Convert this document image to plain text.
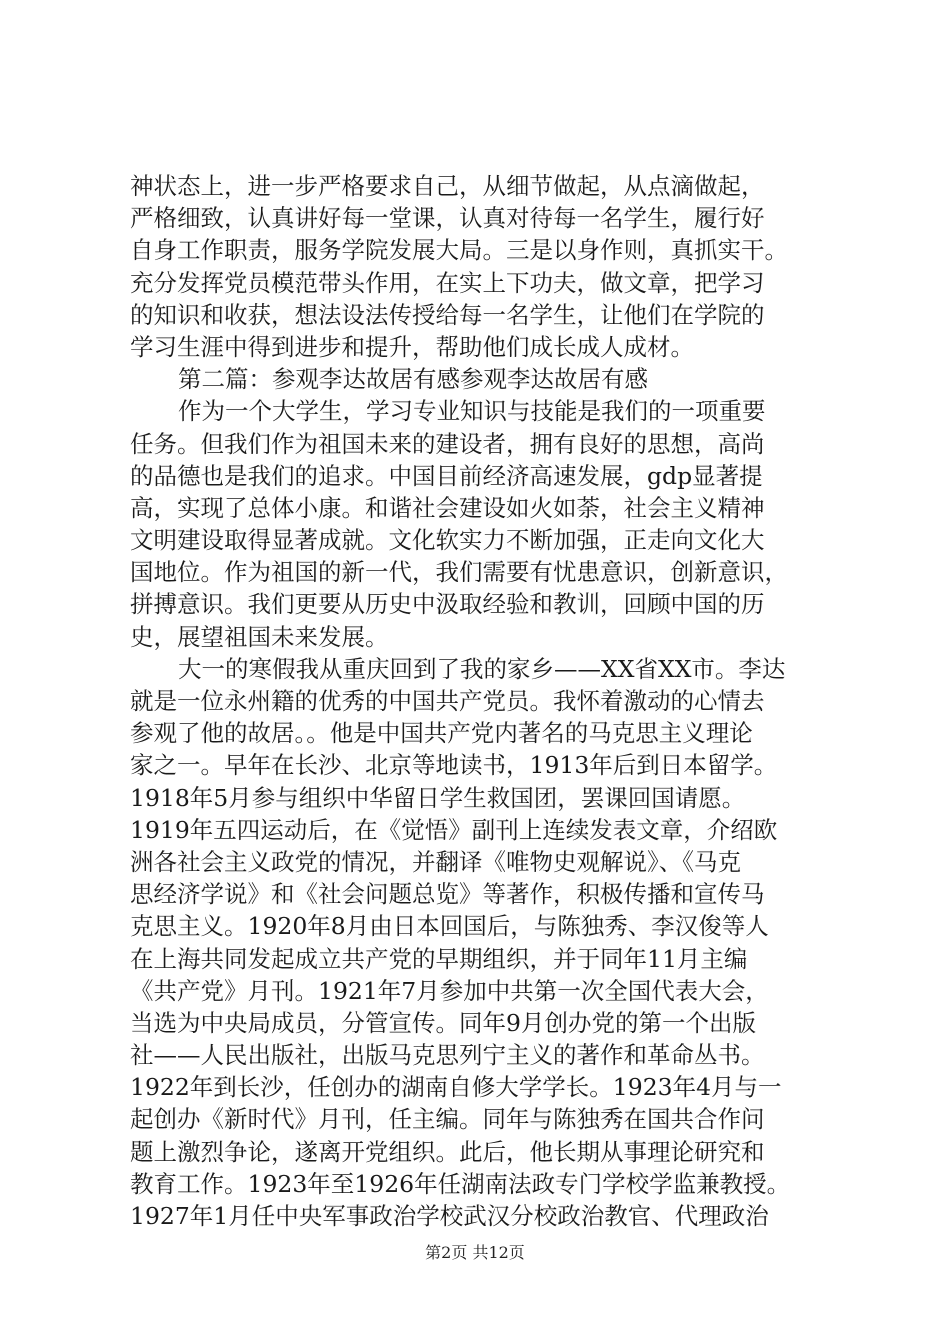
神状态上，进一步严格要求自己，从细节做起，从点滴做起，
严格细致，认真讲好每一堂课，认真对待每一名学生，履行好
自身工作职责，服务学院发展大局。三是以身作则，真抓实干。
充分发挥党员模范带头作用，在实上下功夫，做文章，把学习
的知识和收获，想法设法传授给每一名学生，让他们在学院的
学习生涯中得到进步和提升，帮助他们成长成人成材。
第二篇：参观李达故居有感参观李达故居有感
作为一个大学生，学习专业知识与技能是我们的一项重要
任务。但我们作为祖国未来的建设者，拥有良好的思想，高尚
的品德也是我们的追求。中国目前经济高速发展，gdp显著提
高，实现了总体小康。和谐社会建设如火如荼，社会主义精神
文明建设取得显著成就。文化软实力不断加强，正走向文化大
国地位。作为祖国的新一代，我们需要有忧患意识，创新意识，
拼搏意识。我们更要从历史中汲取经验和教训，回顾中国的历
史，展望祖国未来发展。
大一的寒假我从重庆回到了我的家乡——XX省XX市。李达
就是一位永州籍的优秀的中国共产党员。我怀着激动的心情去
参观了他的故居。。他是中国共产党内著名的马克思主义理论
家之一。早年在长沙、北京等地读书，1913年后到日本留学。
1918年5月参与组织中华留日学生救国团，罢课回国请愿。
1919年五四运动后，在《觉悟》副刊上连续发表文章，介绍欧
洲各社会主义政党的情况，并翻译《唯物史观解说》、《马克
思经济学说》和《社会问题总览》等著作，积极传播和宣传马
克思主义。1920年8月由日本回国后，与陈独秀、李汉俊等人
在上海共同发起成立共产党的早期组织，并于同年11月主编
《共产党》月刊。1921年7月参加中共第一次全国代表大会，
当选为中央局成员，分管宣传。同年9月创办党的第一个出版
社——人民出版社，出版马克思列宁主义的著作和革命丛书。
1922年到长沙，任创办的湖南自修大学学长。1923年4月与一
起创办《新时代》月刊，任主编。同年与陈独秀在国共合作问
题上激烈争论，遂离开党组织。此后，他长期从事理论研究和
教育工作。1923年至1926年任湖南法政专门学校学监兼教授。
1927年1月任中央军事政治学校武汉分校政治教官、代理政治
第2页 共12页
